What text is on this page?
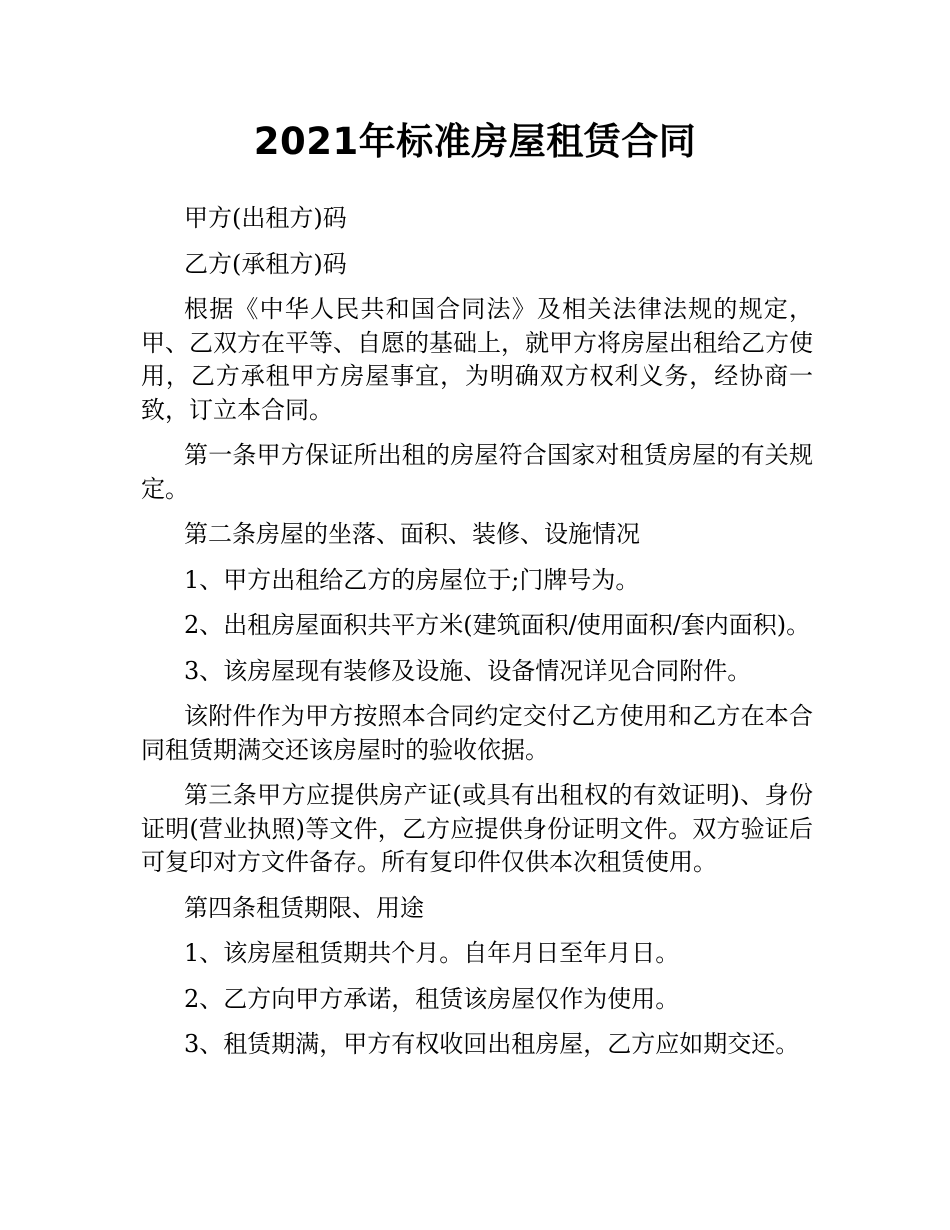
2021年标准房屋租赁合同

甲方(出租方)码

乙方(承租方)码

根据《中华人民共和国合同法》及相关法律法规的规定，甲、乙双方在平等、自愿的基础上，就甲方将房屋出租给乙方使用，乙方承租甲方房屋事宜，为明确双方权利义务，经协商一致，订立本合同。

第一条甲方保证所出租的房屋符合国家对租赁房屋的有关规定。

第二条房屋的坐落、面积、装修、设施情况

1、甲方出租给乙方的房屋位于;门牌号为。

2、出租房屋面积共平方米(建筑面积/使用面积/套内面积)。

3、该房屋现有装修及设施、设备情况详见合同附件。

该附件作为甲方按照本合同约定交付乙方使用和乙方在本合同租赁期满交还该房屋时的验收依据。

第三条甲方应提供房产证(或具有出租权的有效证明)、身份证明(营业执照)等文件，乙方应提供身份证明文件。双方验证后可复印对方文件备存。所有复印件仅供本次租赁使用。

第四条租赁期限、用途

1、该房屋租赁期共个月。自年月日至年月日。

2、乙方向甲方承诺，租赁该房屋仅作为使用。

3、租赁期满，甲方有权收回出租房屋，乙方应如期交还。
